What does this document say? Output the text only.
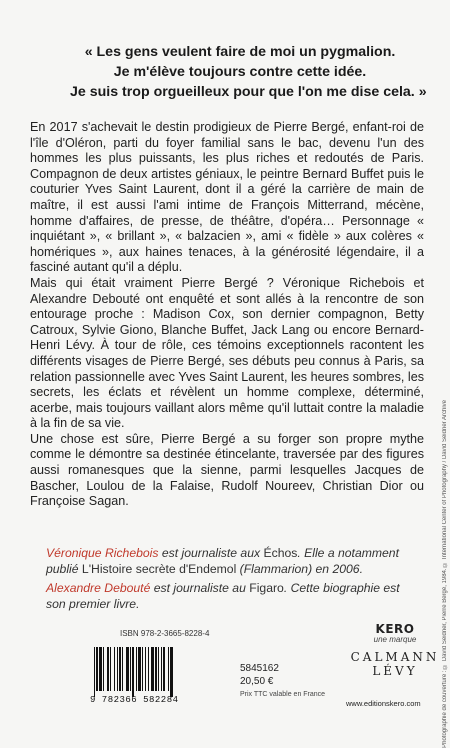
« Les gens veulent faire de moi un pygmalion.
Je m'élève toujours contre cette idée.
Je suis trop orgueilleux pour que l'on me dise cela. »

En 2017 s'achevait le destin prodigieux de Pierre Bergé, enfant-roi de l'île d'Oléron, parti du foyer familial sans le bac, devenu l'un des hommes les plus puissants, les plus riches et redoutés de Paris. Compagnon de deux artistes géniaux, le peintre Bernard Buffet puis le couturier Yves Saint Laurent, dont il a géré la carrière de main de maître, il est aussi l'ami intime de François Mitterrand, mécène, homme d'affaires, de presse, de théâtre, d'opéra… Personnage « inquiétant », « brillant », « balzacien », ami « fidèle » aux colères « homériques », aux haines tenaces, à la générosité légendaire, il a fasciné autant qu'il a déplu.

Mais qui était vraiment Pierre Bergé ? Véronique Richebois et Alexandre Debouté ont enquêté et sont allés à la rencontre de son entourage proche : Madison Cox, son dernier compagnon, Betty Catroux, Sylvie Giono, Blanche Buffet, Jack Lang ou encore Bernard-Henri Lévy. À tour de rôle, ces témoins exceptionnels racontent les différents visages de Pierre Bergé, ses débuts peu connus à Paris, sa relation passionnelle avec Yves Saint Laurent, les heures sombres, les secrets, les éclats et révèlent un homme complexe, déterminé, acerbe, mais toujours vaillant alors même qu'il luttait contre la maladie à la fin de sa vie.

Une chose est sûre, Pierre Bergé a su forger son propre mythe comme le démontre sa destinée étincelante, traversée par des figures aussi romanesques que la sienne, parmi lesquelles Jacques de Bascher, Loulou de la Falaise, Rudolf Noureev, Christian Dior ou Françoise Sagan.

Véronique Richebois est journaliste aux Échos. Elle a notamment publié L'Histoire secrète d'Endemol (Flammarion) en 2006.

Alexandre Debouté est journaliste au Figaro. Cette biographie est son premier livre.	Photographie de couverture : © David Seidner, Pierre Bergé, 1984. © International Center of Photography / David Seidner Archive
ISBN 978-2-3665-8228-4
9 782366 582284
5845162
20,50 €
Prix TTC valable en France
KERO
une marque
CALMANN
LÉVY
www.editionskero.com
